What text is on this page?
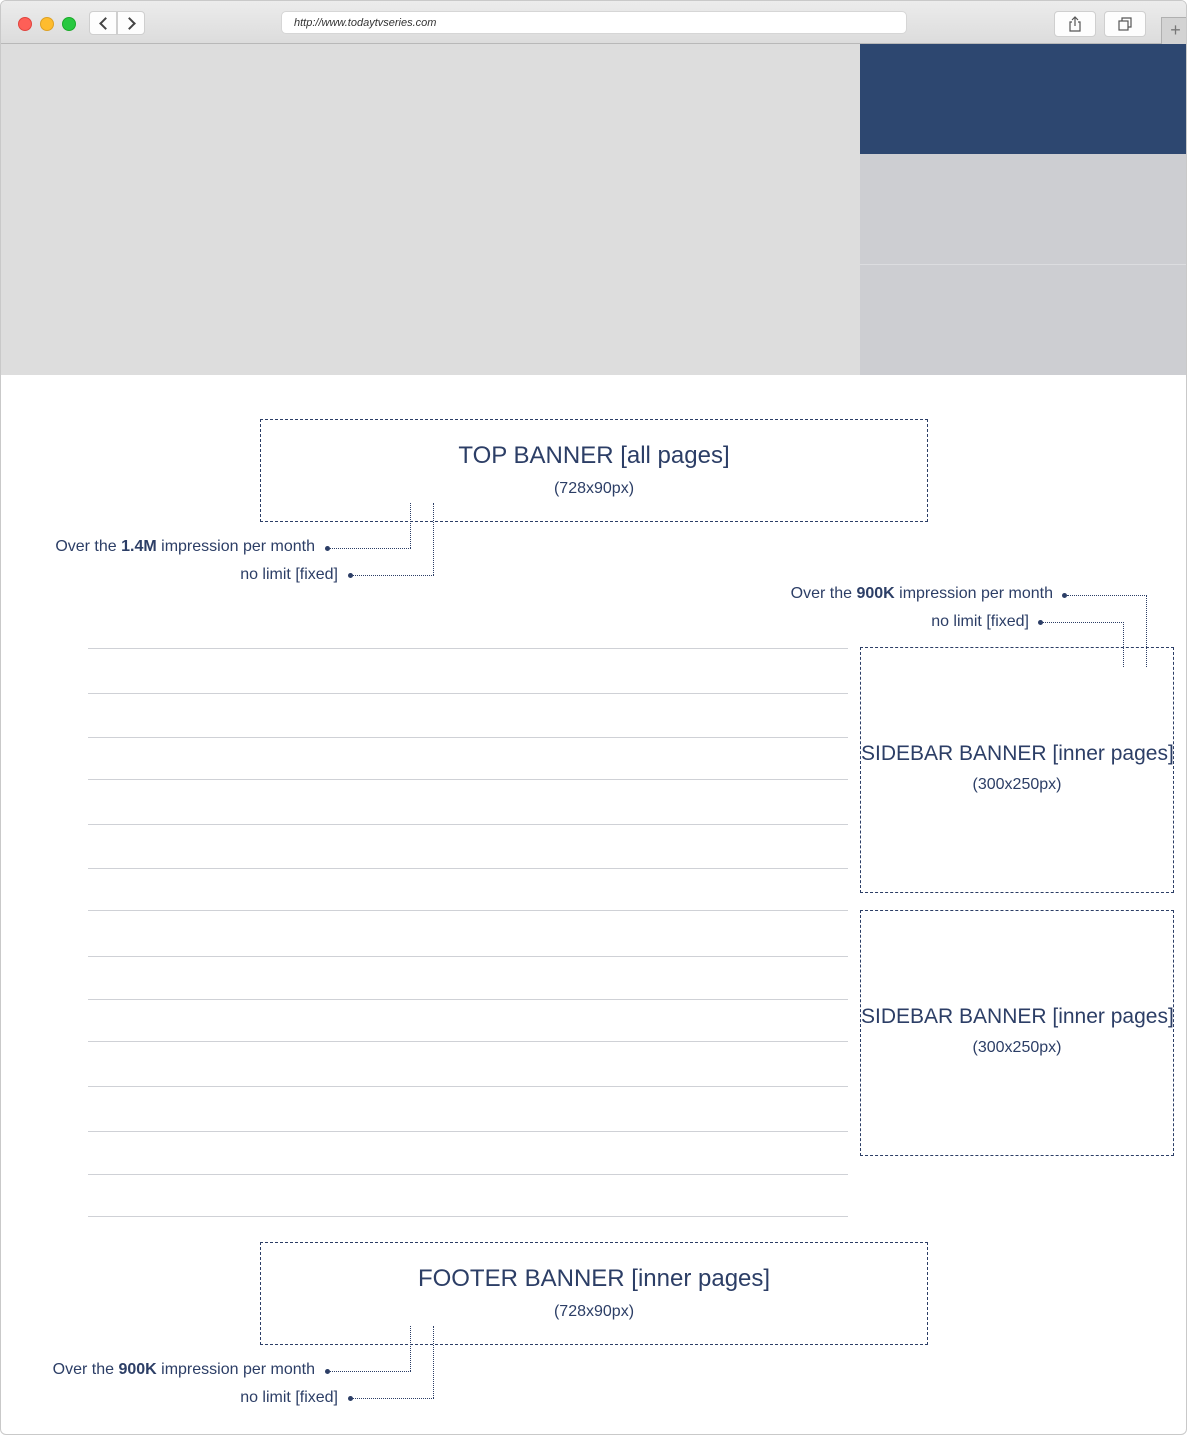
http://www.todaytvseries.com	+
TOP BANNER [all pages]
(728x90px)
Over the 1.4M impression per month
no limit [fixed]
Over the 900K impression per month
no limit [fixed]
SIDEBAR BANNER [inner pages]
(300x250px)
SIDEBAR BANNER [inner pages]
(300x250px)
FOOTER BANNER [inner pages]
(728x90px)
Over the 900K impression per month
no limit [fixed]
